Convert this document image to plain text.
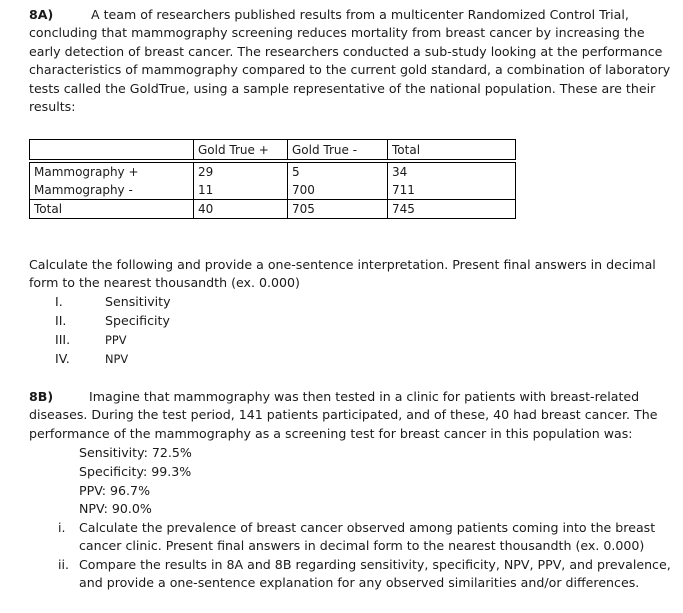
8A)	A team of researchers published results from a multicenter Randomized Control Trial, concluding that mammography screening reduces mortality from breast cancer by increasing the early detection of breast cancer. The researchers conducted a sub-study looking at the performance characteristics of mammography compared to the current gold standard, a combination of laboratory tests called the GoldTrue, using a sample representative of the national population. These are their results:

	Gold True +	Gold True -	Total

Mammography +	29	5	34
Mammography -	11	700	711
Total	40	705	745

Calculate the following and provide a one-sentence interpretation. Present final answers in decimal form to the nearest thousandth (ex. 0.000)

I.	Sensitivity
II.	Specificity
III.	PPV
IV.	NPV

8B)	Imagine that mammography was then tested in a clinic for patients with breast-related diseases. During the test period, 141 patients participated, and of these, 40 had breast cancer. The performance of the mammography as a screening test for breast cancer in this population was:

Sensitivity: 72.5%
Specificity: 99.3%
PPV: 96.7%
NPV: 90.0%
i.	Calculate the prevalence of breast cancer observed among patients coming into the breast cancer clinic. Present final answers in decimal form to the nearest thousandth (ex. 0.000)
ii. Compare the results in 8A and 8B regarding sensitivity, specificity, NPV, PPV, and prevalence, and provide a one-sentence explanation for any observed similarities and/or differences.
